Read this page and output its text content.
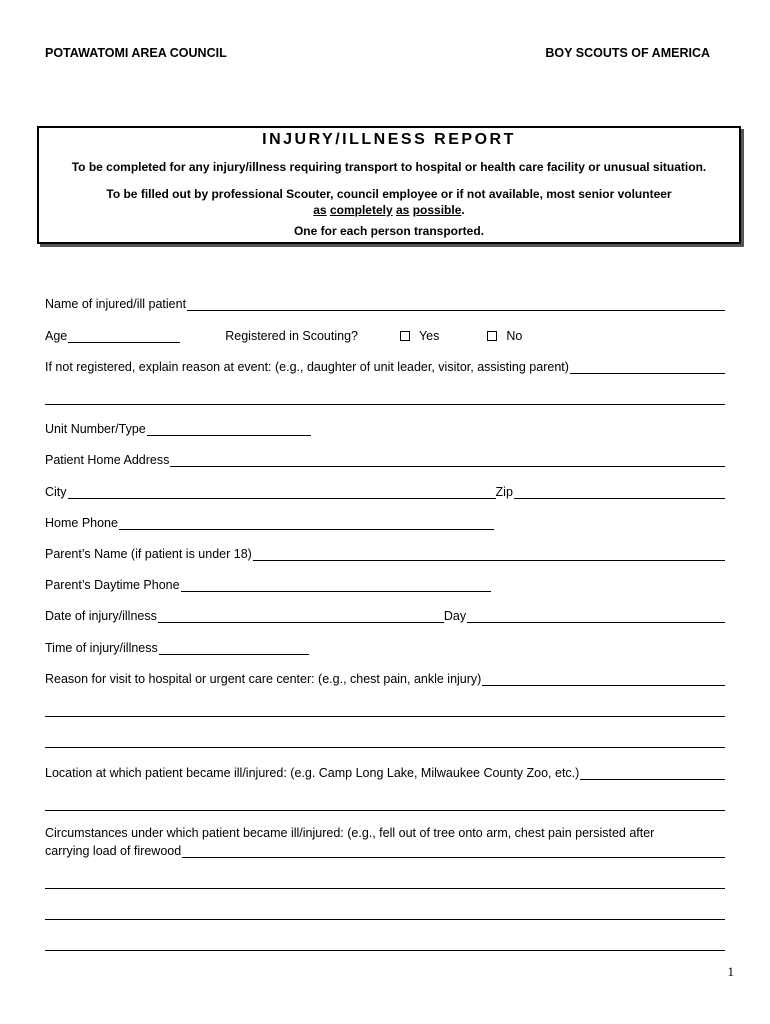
POTAWATOMI AREA COUNCIL	BOY SCOUTS OF AMERICA
INJURY/ILLNESS REPORT
To be completed for any injury/illness requiring transport to hospital or health care facility or unusual situation.
To be filled out by professional Scouter, council employee or if not available, most senior volunteer
as completely as possible.
One for each person transported.
Name of injured/ill patient
Age	Registered in Scouting?	Yes	No
If not registered, explain reason at event: (e.g., daughter of unit leader, visitor, assisting parent)
Unit Number/Type
Patient Home Address
City	Zip
Home Phone
Parent’s Name (if patient is under 18)
Parent’s Daytime Phone
Date of injury/illness	Day
Time of injury/illness
Reason for visit to hospital or urgent care center: (e.g., chest pain, ankle injury)
Location at which patient became ill/injured: (e.g. Camp Long Lake, Milwaukee County Zoo, etc.)
Circumstances under which patient became ill/injured: (e.g., fell out of tree onto arm, chest pain persisted after
carrying load of firewood
1
